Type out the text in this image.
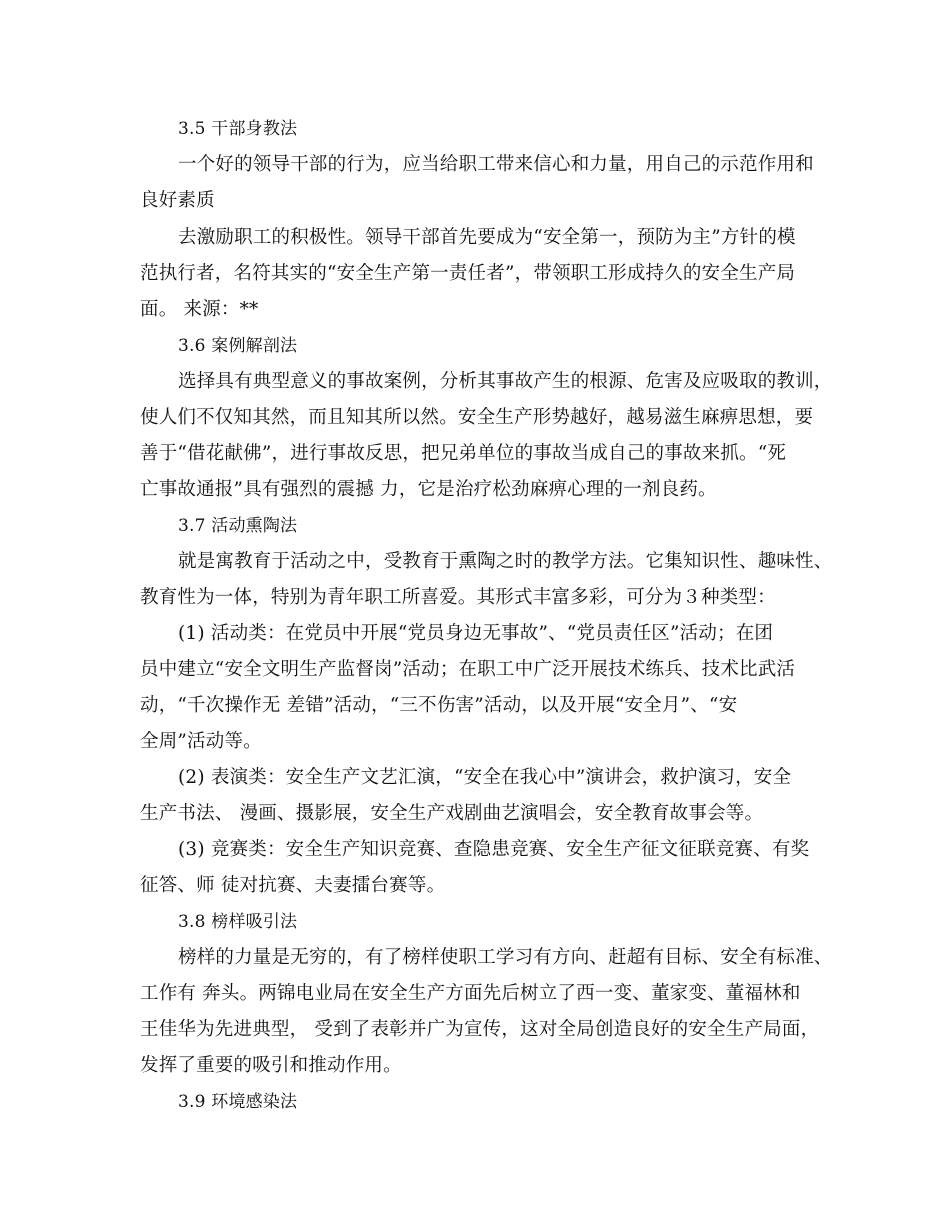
3.5 干部身教法
一个好的领导干部的行为，应当给职工带来信心和力量，用自己的示范作用和
良好素质
去激励职工的积极性。领导干部首先要成为“安全第一，预防为主”方针的模
范执行者，名符其实的“安全生产第一责任者”，带领职工形成持久的安全生产局
面。 来源：**
3.6 案例解剖法
选择具有典型意义的事故案例，分析其事故产生的根源、危害及应吸取的教训，
使人们不仅知其然，而且知其所以然。安全生产形势越好，越易滋生麻痹思想，要
善于“借花献佛”，进行事故反思，把兄弟单位的事故当成自己的事故来抓。“死
亡事故通报”具有强烈的震撼 力，它是治疗松劲麻痹心理的一剂良药。
3.7 活动熏陶法
就是寓教育于活动之中，受教育于熏陶之时的教学方法。它集知识性、趣味性、
教育性为一体，特别为青年职工所喜爱。其形式丰富多彩，可分为３种类型：
(1) 活动类：在党员中开展“党员身边无事故”、“党员责任区”活动；在团
员中建立“安全文明生产监督岗”活动；在职工中广泛开展技术练兵、技术比武活
动，“千次操作无 差错”活动，“三不伤害”活动，以及开展“安全月”、“安
全周”活动等。
(2) 表演类：安全生产文艺汇演，“安全在我心中”演讲会，救护演习，安全
生产书法、 漫画、摄影展，安全生产戏剧曲艺演唱会，安全教育故事会等。
(3) 竞赛类：安全生产知识竞赛、查隐患竞赛、安全生产征文征联竞赛、有奖
征答、师 徒对抗赛、夫妻擂台赛等。
3.8 榜样吸引法
榜样的力量是无穷的，有了榜样使职工学习有方向、赶超有目标、安全有标准、
工作有 奔头。两锦电业局在安全生产方面先后树立了西一变、董家变、董福林和
王佳华为先进典型， 受到了表彰并广为宣传，这对全局创造良好的安全生产局面，
发挥了重要的吸引和推动作用。
3.9 环境感染法
